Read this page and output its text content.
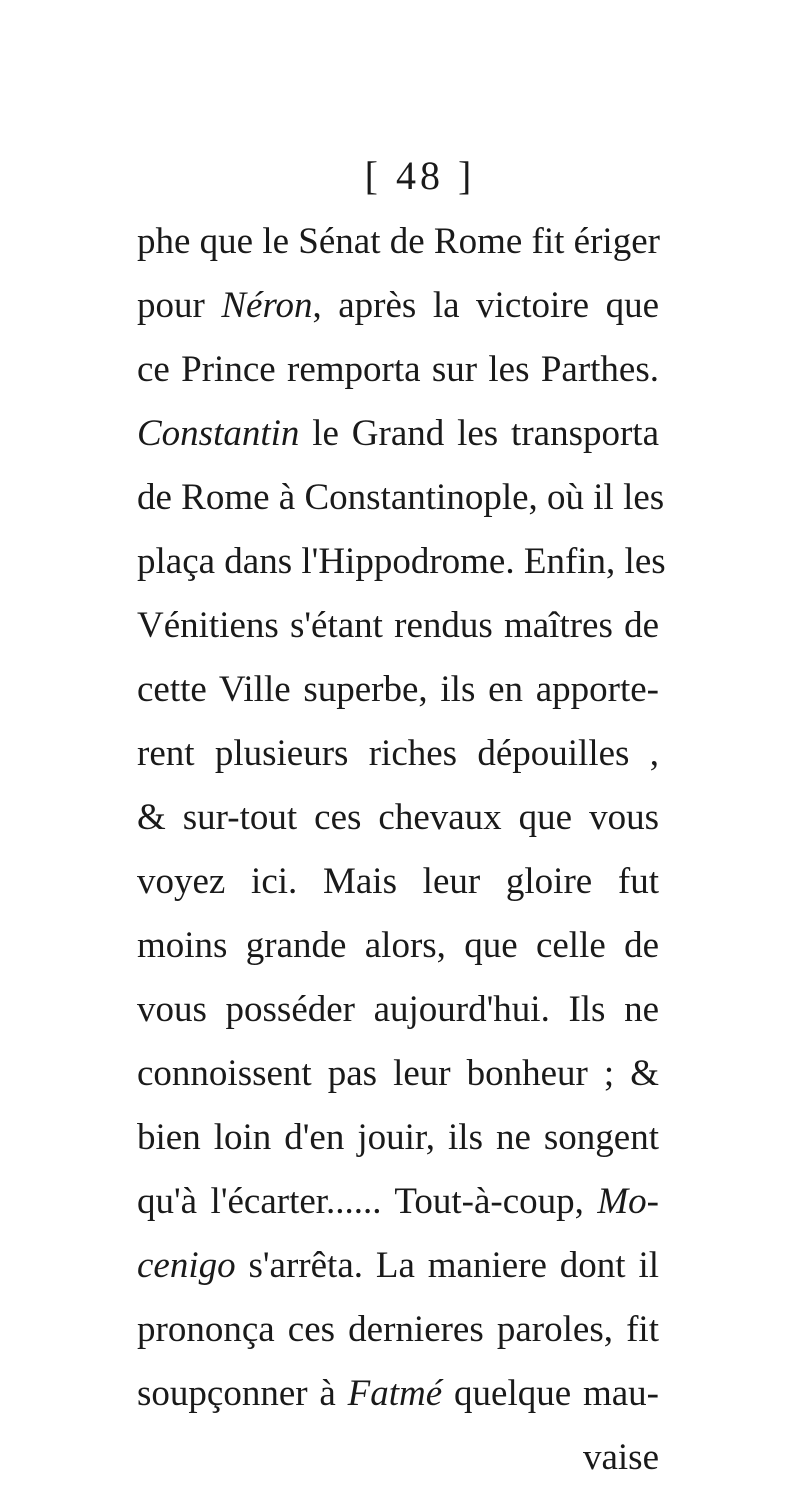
[ 48 ]
phe que le Sénat de Rome fit ériger
pour Néron, après la victoire que
ce Prince remporta sur les Parthes.
Constantin le Grand les transporta
de Rome à Constantinople, où il les
plaça dans l'Hippodrome. Enfin, les
Vénitiens s'étant rendus maîtres de
cette Ville superbe, ils en apporte-
rent plusieurs riches dépouilles ,
& sur-tout ces chevaux que vous
voyez ici. Mais leur gloire fut
moins grande alors, que celle de
vous posséder aujourd'hui. Ils ne
connoissent pas leur bonheur ; &
bien loin d'en jouir, ils ne songent
qu'à l'écarter...... Tout-à-coup, Mo-
cenigo s'arrêta. La maniere dont il
prononça ces dernieres paroles, fit
soupçonner à Fatmé quelque mau-
vaise
